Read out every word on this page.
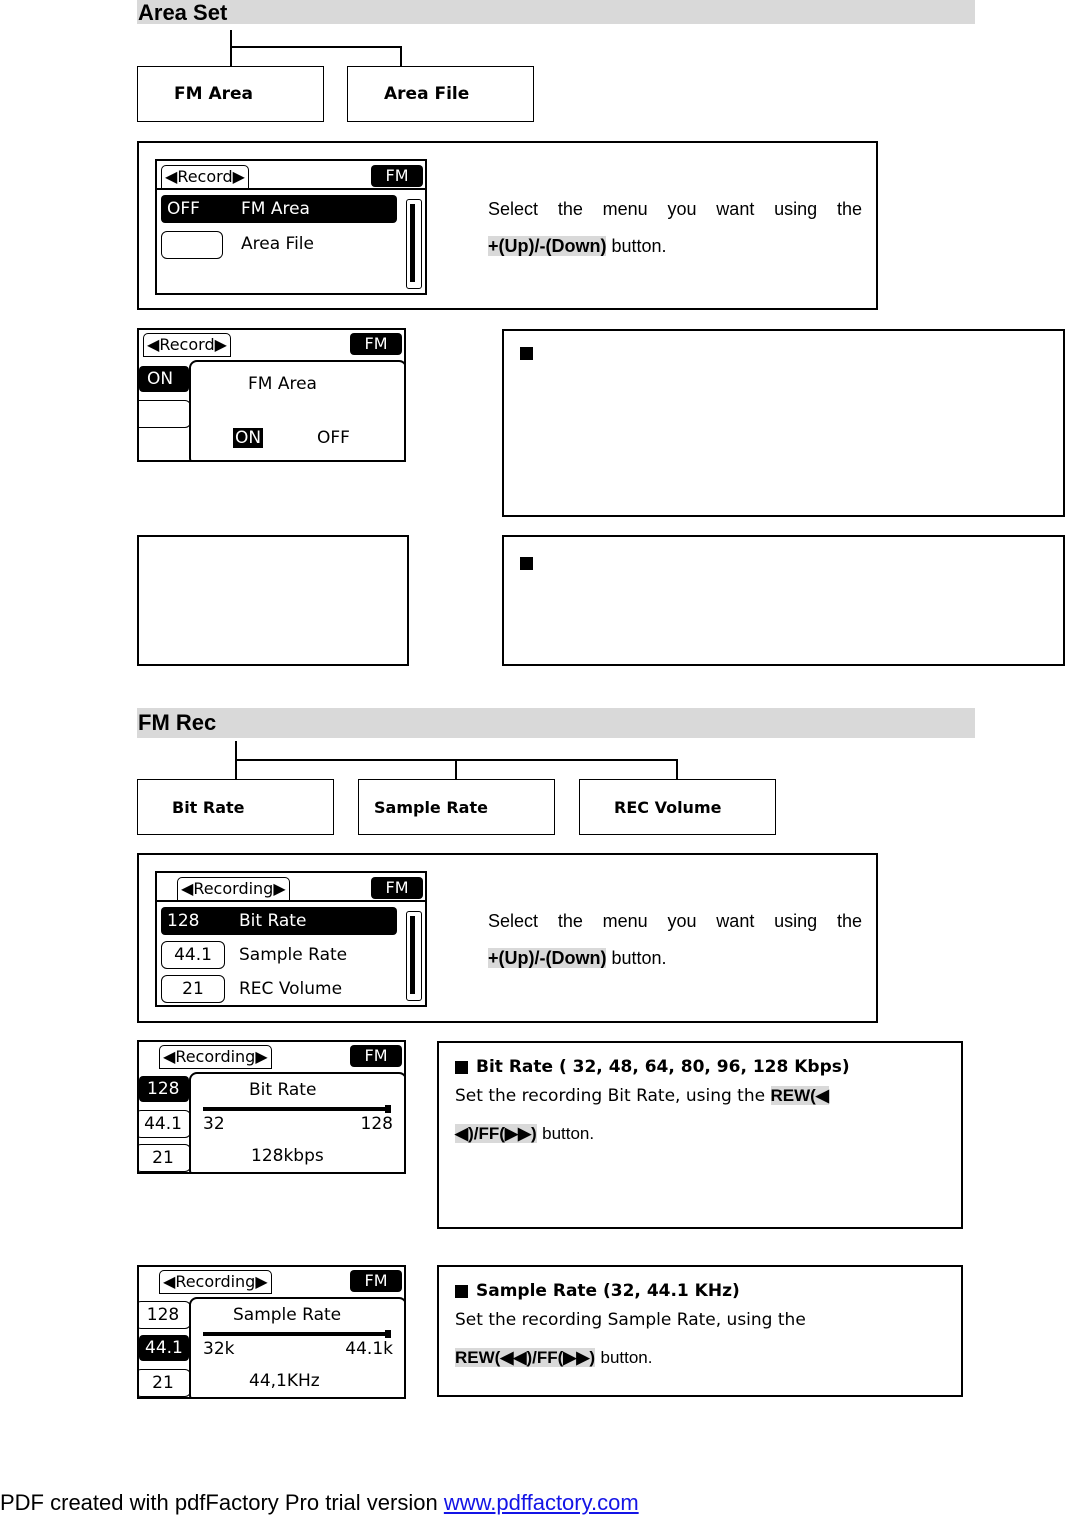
Area Set
FM Area	Area File
◀Record▶	FM
OFF FM Area
Area File
Select the menu you want using the
+(Up)/-(Down) button.
◀Record▶	FM
ON	FM Area
ON	OFF
FM Rec
Bit Rate	Sample Rate	REC Volume
◀Recording▶	FM
128 Bit Rate
44.1	Sample Rate
21	REC Volume
Select the menu you want using the
+(Up)/-(Down) button.
◀Recording▶	FM
128
44.1
21
Bit Rate
32	128
128kbps
Bit Rate ( 32, 48, 64, 80, 96, 128 Kbps)
Set the recording Bit Rate, using the REW(◀
◀)/FF(▶▶) button.
◀Recording▶	FM
128
44.1
21
Sample Rate
32k	44.1k
44,1KHz
Sample Rate (32, 44.1 KHz)
Set the recording Sample Rate, using the
REW(◀◀)/FF(▶▶) button.
PDF created with pdfFactory Pro trial version www.pdffactory.com
